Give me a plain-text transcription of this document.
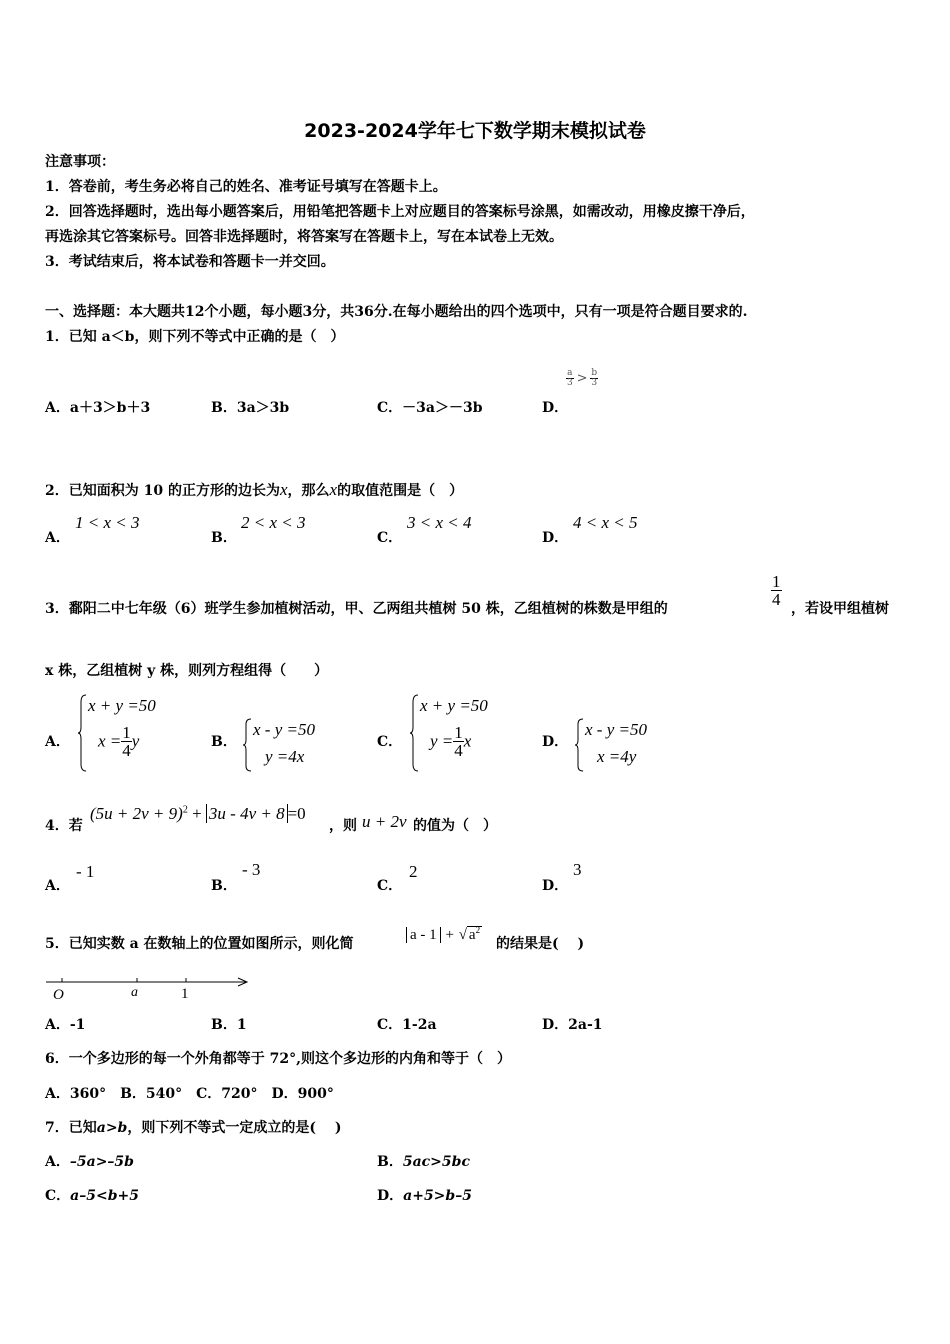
2023-2024学年七下数学期末模拟试卷
注意事项：
1．答卷前，考生务必将自己的姓名、准考证号填写在答题卡上。
2．回答选择题时，选出每小题答案后，用铅笔把答题卡上对应题目的答案标号涂黑，如需改动，用橡皮擦干净后，
再选涂其它答案标号。回答非选择题时，将答案写在答题卡上，写在本试卷上无效。
3．考试结束后，将本试卷和答题卡一并交回。
一、选择题：本大题共12个小题，每小题3分，共36分.在每小题给出的四个选项中，只有一项是符合题目要求的.
1．已知 a＜b，则下列不等式中正确的是（　）
A．a＋3＞b＋3	B．3a＞3b	C．－3a＞－3b	D．
$\frac{a}{3} > \frac{b}{3}$
2．已知面积为 10 的正方形的边长为x，那么x的取值范围是（　）
A．
1 < x < 3
B．
2 < x < 3
C．
3 < x < 4
D．
4 < x < 5
3．鄱阳二中七年级（6）班学生参加植树活动，甲、乙两组共植树 50 株，乙组植树的株数是甲组的
$\frac{1}{4}$
，若设甲组植树
x 株，乙组植树 y 株，则列方程组得（　　）
A．
x + y =50
$x = \frac{1}{4}$ y	B．
x - y =50
y =4x
C．
x + y =50
$y = \frac{1}{4}$ x	D．
x - y =50
x =4y
4．若
$(5u + 2v + 9)^2 + 3u - 4v + 8 =0$
，则 u + 2v 的值为（　）
A．
- 1
B．
- 3
C．
2
D．
3
5．已知实数 a 在数轴上的位置如图所示，则化简
a - 1 + √ $a^2$
的结果是(　 )
O	a	1
A．-1	B．1	C．1-2a	D．2a-1
6．一个多边形的每一个外角都等于 72°,则这个多边形的内角和等于（　）
A．360°　B．540°　C．720°　D．900°
7．已知a>b，则下列不等式一定成立的是(　 )
A．–5a>–5b	B．5ac>5bc
C．a–5<b+5	D．a+5>b–5
